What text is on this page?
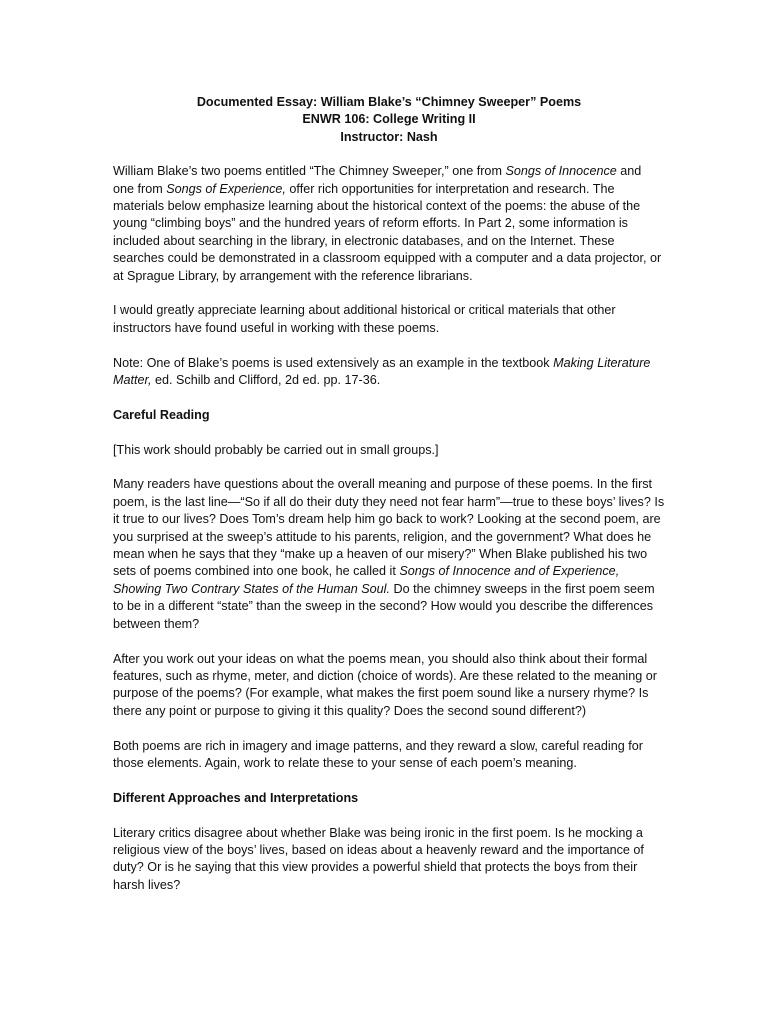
Documented Essay: William Blake’s “Chimney Sweeper” Poems
ENWR 106: College Writing II
Instructor: Nash

William Blake’s two poems entitled “The Chimney Sweeper,” one from Songs of Innocence and one from Songs of Experience, offer rich opportunities for interpretation and research. The materials below emphasize learning about the historical context of the poems: the abuse of the young “climbing boys” and the hundred years of reform efforts. In Part 2, some information is included about searching in the library, in electronic databases, and on the Internet. These searches could be demonstrated in a classroom equipped with a computer and a data projector, or at Sprague Library, by arrangement with the reference librarians.

I would greatly appreciate learning about additional historical or critical materials that other instructors have found useful in working with these poems.

Note: One of Blake’s poems is used extensively as an example in the textbook Making Literature Matter, ed. Schilb and Clifford, 2d ed. pp. 17-36.

Careful Reading

[This work should probably be carried out in small groups.]

Many readers have questions about the overall meaning and purpose of these poems. In the first poem, is the last line—“So if all do their duty they need not fear harm”—true to these boys’ lives? Is it true to our lives? Does Tom’s dream help him go back to work? Looking at the second poem, are you surprised at the sweep’s attitude to his parents, religion, and the government? What does he mean when he says that they “make up a heaven of our misery?” When Blake published his two sets of poems combined into one book, he called it Songs of Innocence and of Experience, Showing Two Contrary States of the Human Soul. Do the chimney sweeps in the first poem seem to be in a different “state” than the sweep in the second? How would you describe the differences between them?

After you work out your ideas on what the poems mean, you should also think about their formal features, such as rhyme, meter, and diction (choice of words). Are these related to the meaning or purpose of the poems? (For example, what makes the first poem sound like a nursery rhyme? Is there any point or purpose to giving it this quality? Does the second sound different?)

Both poems are rich in imagery and image patterns, and they reward a slow, careful reading for those elements. Again, work to relate these to your sense of each poem’s meaning.

Different Approaches and Interpretations

Literary critics disagree about whether Blake was being ironic in the first poem. Is he mocking a religious view of the boys’ lives, based on ideas about a heavenly reward and the importance of duty? Or is he saying that this view provides a powerful shield that protects the boys from their harsh lives?
